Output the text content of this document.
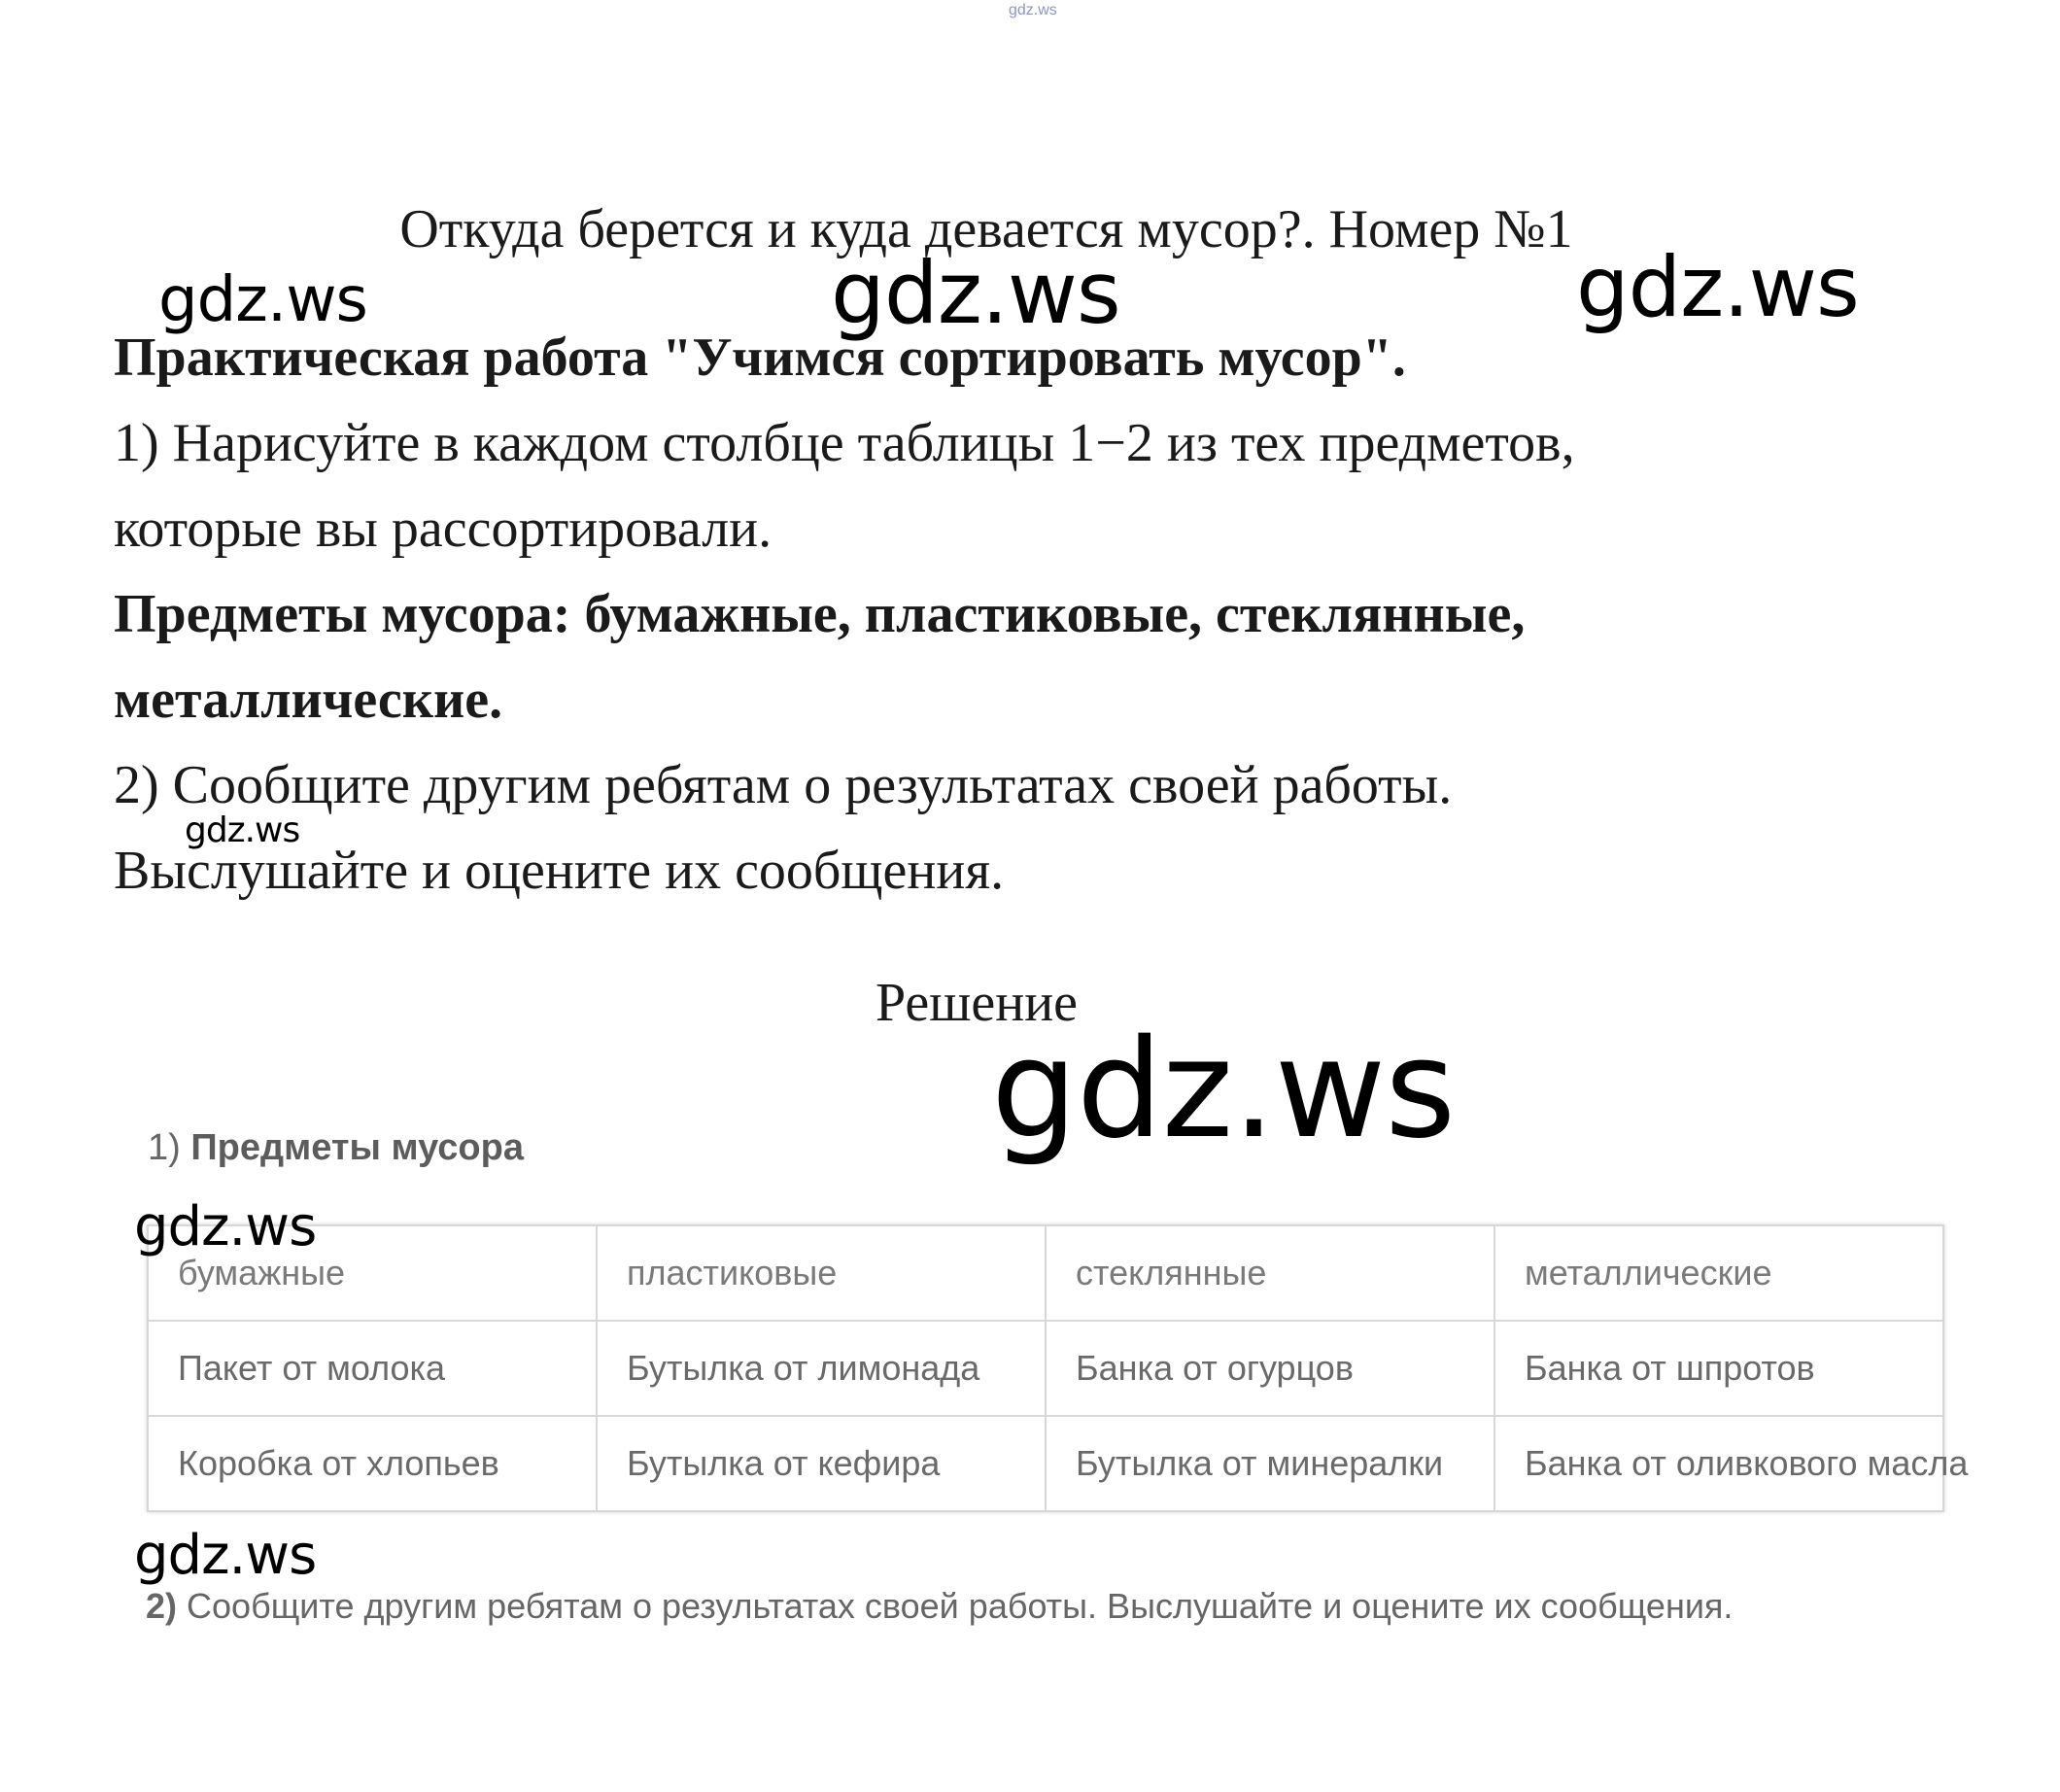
gdz.ws
Откуда берется и куда девается мусор?. Номер №1
Практическая работа "Учимся сортировать мусор".
1) Нарисуйте в каждом столбце таблицы 1−2 из тех предметов,
которые вы рассортировали.
Предметы мусора: бумажные, пластиковые, стеклянные,
металлические.
2) Сообщите другим ребятам о результатах своей работы.
Выслушайте и оцените их сообщения.
Решение
1) Предметы мусора
бумажные	пластиковые	стеклянные	металлические
Пакет от молока	Бутылка от лимонада	Банка от огурцов	Банка от шпротов
Коробка от хлопьев	Бутылка от кефира	Бутылка от минералки	Банка от оливкового масла
2) Сообщите другим ребятам о результатах своей работы. Выслушайте и оцените их сообщения.
gdz.ws	gdz.ws	gdz.ws
gdz.ws
gdz.ws
gdz.ws
gdz.ws
